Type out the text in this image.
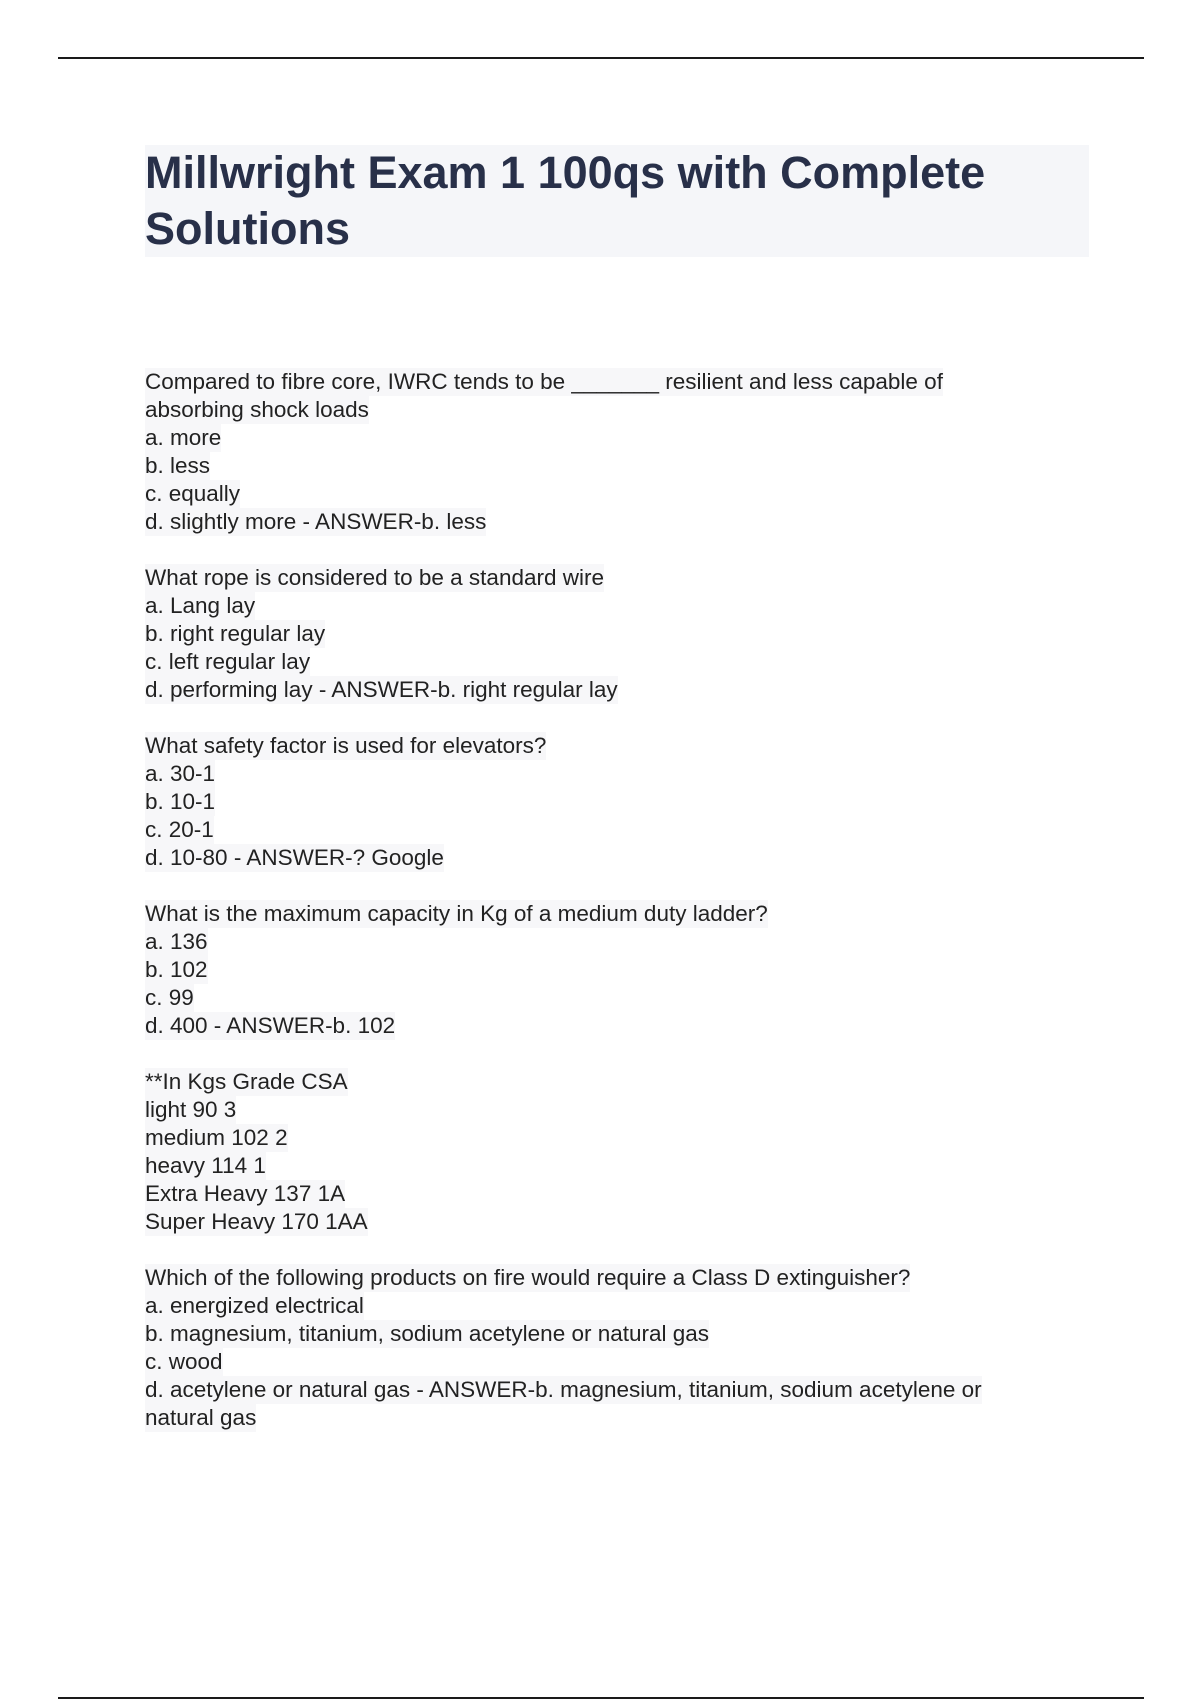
Millwright Exam 1 100qs with Complete Solutions
Compared to fibre core, IWRC tends to be _______ resilient and less capable of
absorbing shock loads
a. more
b. less
c. equally
d. slightly more - ANSWER-b. less
What rope is considered to be a standard wire
a. Lang lay
b. right regular lay
c. left regular lay
d. performing lay - ANSWER-b. right regular lay
What safety factor is used for elevators?
a. 30-1
b. 10-1
c. 20-1
d. 10-80 - ANSWER-? Google
What is the maximum capacity in Kg of a medium duty ladder?
a. 136
b. 102
c. 99
d. 400 - ANSWER-b. 102
**In Kgs Grade CSA
light 90 3
medium 102 2
heavy 114 1
Extra Heavy 137 1A
Super Heavy 170 1AA
Which of the following products on fire would require a Class D extinguisher?
a. energized electrical
b. magnesium, titanium, sodium acetylene or natural gas
c. wood
d. acetylene or natural gas - ANSWER-b. magnesium, titanium, sodium acetylene or
natural gas
